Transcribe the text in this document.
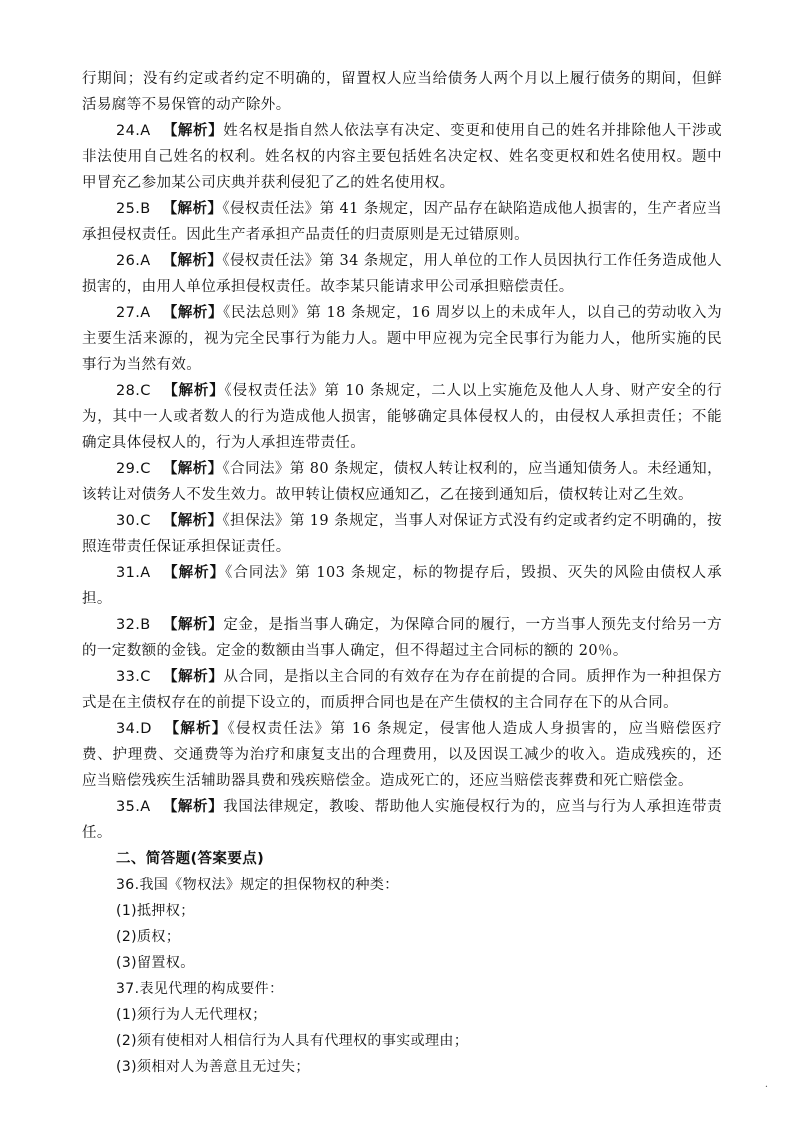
行期间；没有约定或者约定不明确的，留置权人应当给债务人两个月以上履行债务的期间，但鲜活易腐等不易保管的动产除外。

24.A 【解析】姓名权是指自然人依法享有决定、变更和使用自己的姓名并排除他人干涉或非法使用自己姓名的权利。姓名权的内容主要包括姓名决定权、姓名变更权和姓名使用权。题中甲冒充乙参加某公司庆典并获利侵犯了乙的姓名使用权。

25.B 【解析】《侵权责任法》第 41 条规定，因产品存在缺陷造成他人损害的，生产者应当承担侵权责任。因此生产者承担产品责任的归责原则是无过错原则。

26.A 【解析】《侵权责任法》第 34 条规定，用人单位的工作人员因执行工作任务造成他人损害的，由用人单位承担侵权责任。故李某只能请求甲公司承担赔偿责任。

27.A 【解析】《民法总则》第 18 条规定，16 周岁以上的未成年人，以自己的劳动收入为主要生活来源的，视为完全民事行为能力人。题中甲应视为完全民事行为能力人，他所实施的民事行为当然有效。

28.C 【解析】《侵权责任法》第 10 条规定，二人以上实施危及他人人身、财产安全的行为，其中一人或者数人的行为造成他人损害，能够确定具体侵权人的，由侵权人承担责任；不能确定具体侵权人的，行为人承担连带责任。

29.C 【解析】《合同法》第 80 条规定，债权人转让权利的，应当通知债务人。未经通知，该转让对债务人不发生效力。故甲转让债权应通知乙，乙在接到通知后，债权转让对乙生效。

30.C 【解析】《担保法》第 19 条规定，当事人对保证方式没有约定或者约定不明确的，按照连带责任保证承担保证责任。

31.A 【解析】《合同法》第 103 条规定，标的物提存后，毁损、灭失的风险由债权人承担。

32.B 【解析】定金，是指当事人确定，为保障合同的履行，一方当事人预先支付给另一方的一定数额的金钱。定金的数额由当事人确定，但不得超过主合同标的额的 20％。

33.C 【解析】从合同，是指以主合同的有效存在为存在前提的合同。质押作为一种担保方式是在主债权存在的前提下设立的，而质押合同也是在产生债权的主合同存在下的从合同。

34.D 【解析】《侵权责任法》第 16 条规定，侵害他人造成人身损害的，应当赔偿医疗费、护理费、交通费等为治疗和康复支出的合理费用，以及因误工减少的收入。造成残疾的，还应当赔偿残疾生活辅助器具费和残疾赔偿金。造成死亡的，还应当赔偿丧葬费和死亡赔偿金。

35.A 【解析】我国法律规定，教唆、帮助他人实施侵权行为的，应当与行为人承担连带责任。

二、简答题(答案要点)

36.我国《物权法》规定的担保物权的种类：

(1)抵押权；

(2)质权；

(3)留置权。

37.表见代理的构成要件：

(1)须行为人无代理权；

(2)须有使相对人相信行为人具有代理权的事实或理由；

(3)须相对人为善意且无过失；

·
